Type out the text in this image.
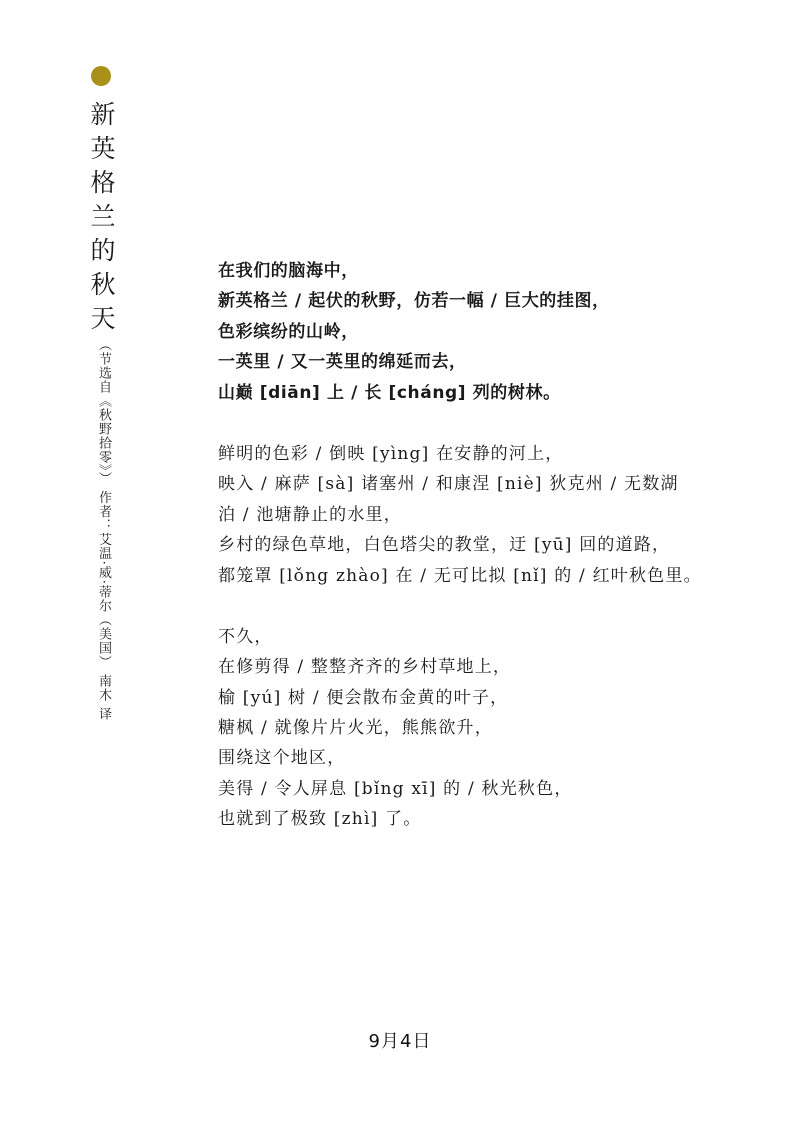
新
英
格
兰
的
秋
天
（节选自《秋野拾零》） 作者：艾温·威·蒂尔（美国） 南木 译
在我们的脑海中，
新英格兰 / 起伏的秋野，仿若一幅 / 巨大的挂图，
色彩缤纷的山岭，
一英里 / 又一英里的绵延而去，
山巅 [diān] 上 / 长 [cháng] 列的树林。
鲜明的色彩 / 倒映 [yìng] 在安静的河上，
映入 / 麻萨 [sà] 诸塞州 / 和康涅 [niè] 狄克州 / 无数湖
泊 / 池塘静止的水里，
乡村的绿色草地，白色塔尖的教堂，迂 [yū] 回的道路，
都笼罩 [lǒng zhào] 在 / 无可比拟 [nǐ] 的 / 红叶秋色里。
不久，
在修剪得 / 整整齐齐的乡村草地上，
榆 [yú] 树 / 便会散布金黄的叶子，
糖枫 / 就像片片火光，熊熊欲升，
围绕这个地区，
美得 / 令人屏息 [bǐng xī] 的 / 秋光秋色，
也就到了极致 [zhì] 了。
9月4日
